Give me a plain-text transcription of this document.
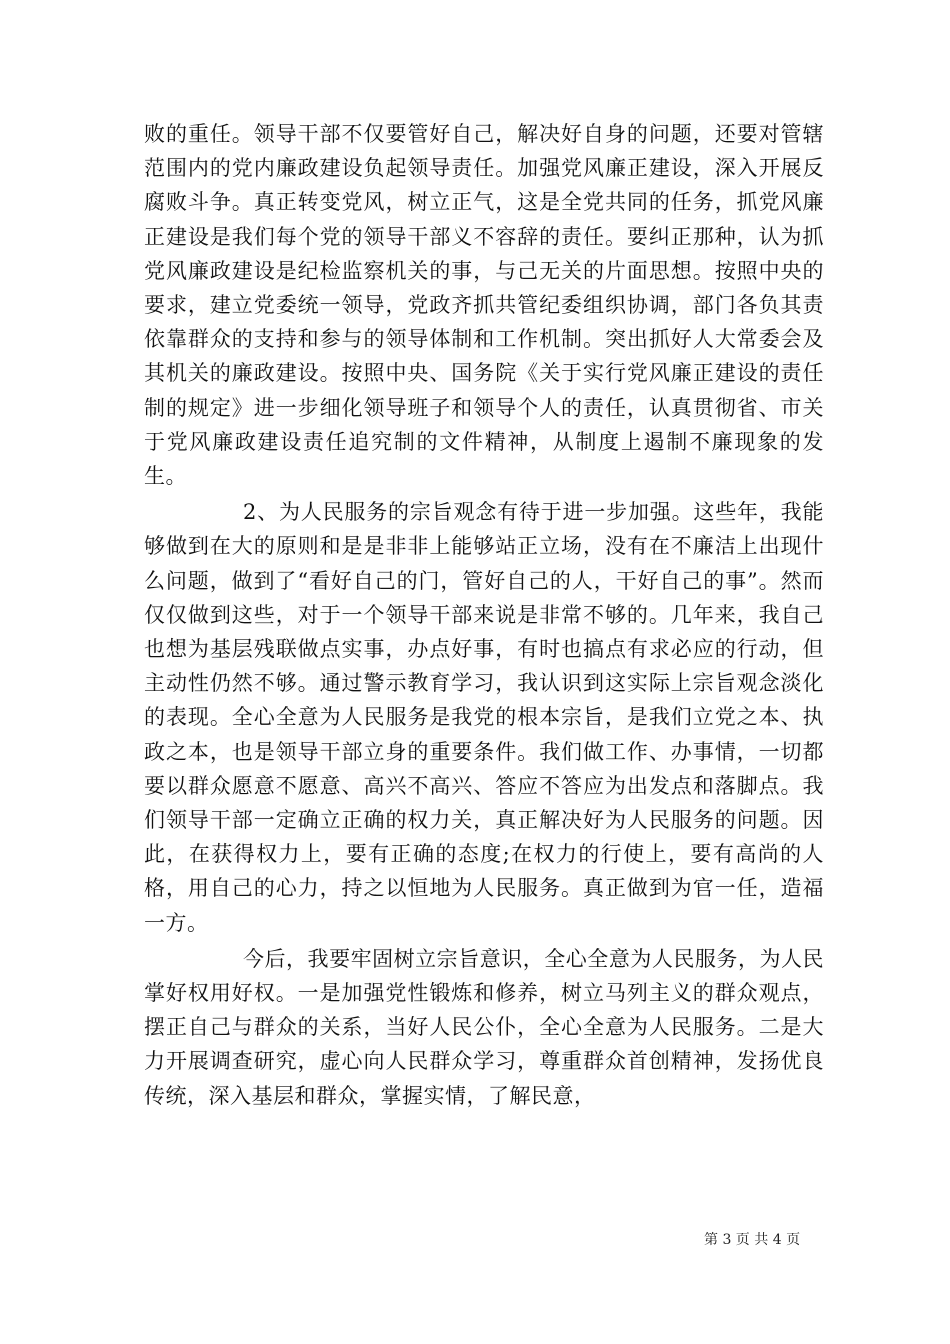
败的重任。领导干部不仅要管好自己，解决好自身的问题，还要对管辖范围内的党内廉政建设负起领导责任。加强党风廉正建设，深入开展反腐败斗争。真正转变党风，树立正气，这是全党共同的任务，抓党风廉正建设是我们每个党的领导干部义不容辞的责任。要纠正那种，认为抓党风廉政建设是纪检监察机关的事，与己无关的片面思想。按照中央的要求，建立党委统一领导，党政齐抓共管纪委组织协调，部门各负其责依靠群众的支持和参与的领导体制和工作机制。突出抓好人大常委会及其机关的廉政建设。按照中央、国务院《关于实行党风廉正建设的责任制的规定》进一步细化领导班子和领导个人的责任，认真贯彻省、市关于党风廉政建设责任追究制的文件精神，从制度上遏制不廉现象的发生。

2、为人民服务的宗旨观念有待于进一步加强。这些年，我能够做到在大的原则和是是非非上能够站正立场，没有在不廉洁上出现什么问题，做到了“看好自己的门，管好自己的人，干好自己的事”。然而仅仅做到这些，对于一个领导干部来说是非常不够的。几年来，我自己也想为基层残联做点实事，办点好事，有时也搞点有求必应的行动，但主动性仍然不够。通过警示教育学习，我认识到这实际上宗旨观念淡化的表现。全心全意为人民服务是我党的根本宗旨，是我们立党之本、执政之本，也是领导干部立身的重要条件。我们做工作、办事情，一切都要以群众愿意不愿意、高兴不高兴、答应不答应为出发点和落脚点。我们领导干部一定确立正确的权力关，真正解决好为人民服务的问题。因此，在获得权力上，要有正确的态度;在权力的行使上，要有高尚的人格，用自己的心力，持之以恒地为人民服务。真正做到为官一任，造福一方。

今后，我要牢固树立宗旨意识，全心全意为人民服务，为人民掌好权用好权。一是加强党性锻炼和修养，树立马列主义的群众观点，摆正自己与群众的关系，当好人民公仆，全心全意为人民服务。二是大力开展调查研究，虚心向人民群众学习，尊重群众首创精神，发扬优良传统，深入基层和群众，掌握实情，了解民意，

第 3 页 共 4 页
